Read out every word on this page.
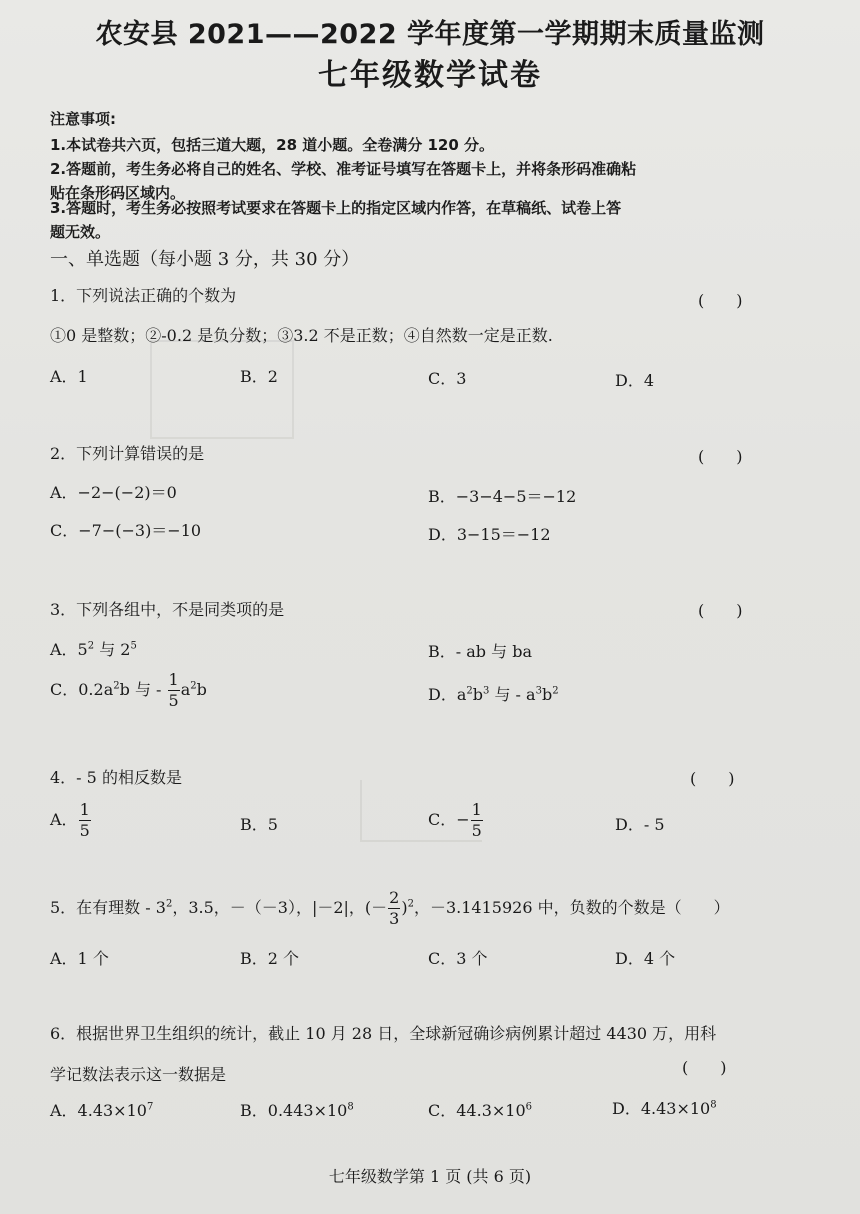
农安县 2021——2022 学年度第一学期期末质量监测
七年级数学试卷
注意事项:
1.本试卷共六页，包括三道大题，28 道小题。全卷满分 120 分。
2.答题前，考生务必将自己的姓名、学校、准考证号填写在答题卡上，并将条形码准确粘
贴在条形码区域内。
3.答题时，考生务必按照考试要求在答题卡上的指定区域内作答，在草稿纸、试卷上答
题无效。
一、单选题（每小题 3 分，共 30 分）
1．下列说法正确的个数为	(　　)
①0 是整数；②-0.2 是负分数；③3.2 不是正数；④自然数一定是正数.
A．1	B．2	C．3	D．4
2．下列计算错误的是	(　　)
A．−2−(−2)＝0	B．−3−4−5＝−12
C．−7−(−3)＝−10	D．3−15＝−12
3．下列各组中，不是同类项的是	(　　)
A．$5^2$ 与 $2^5$	B．- ab 与 ba
C．$0.2a^2b$ 与 - $\frac{1}{5} a^2b$	D．$a^2b^3$ 与 - $a^3b^2$
4．- 5 的相反数是	(　　)
A． $\frac{1}{5}$	B．5	C．− $\frac{1}{5}$	D．- 5
5．在有理数 - $3^2$，3.5，－（－3），|－2|，(－ $\frac{2}{3} )^2$，－3.1415926 中，负数的个数是（　　）
A．1 个	B．2 个	C．3 个	D．4 个
6．根据世界卫生组织的统计，截止 10 月 28 日，全球新冠确诊病例累计超过 4430 万，用科
学记数法表示这一数据是	(　　)
A．$4.43\times 10^7$	B．$0.443\times 10^8$	C．$44.3\times 10^6$	D．$4.43\times 10^8$
七年级数学第 1 页 (共 6 页)
